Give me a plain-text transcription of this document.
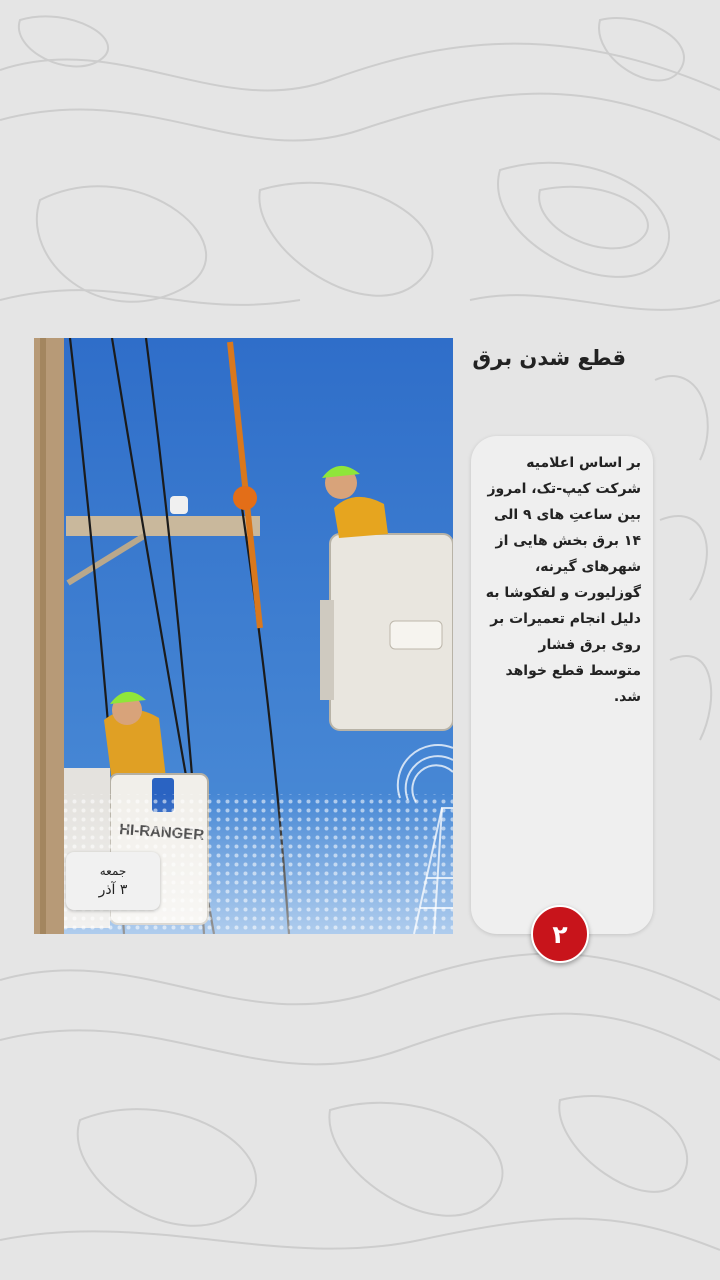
جمعه
۳ آذر
قطع شدن برق
بر اساس اعلامیه شرکت کیپ-تک، امروز بین ساعتِ های ۹ الی ۱۴ برق بخش هایی از شهرهای گیرنه، گوزلیورت و لفکوشا به دلیل انجام تعمیرات بر روی برق فشار متوسط قطع خواهد شد.
۲
